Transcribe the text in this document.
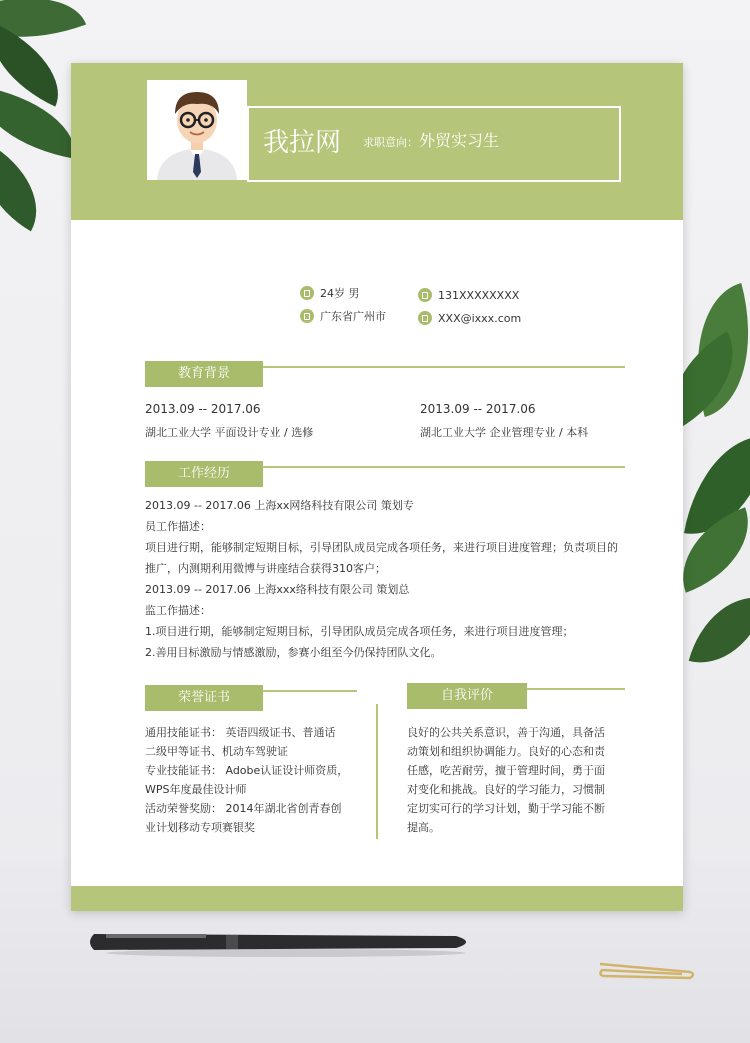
我拉网 求职意向： 外贸实习生
24岁 男
广东省广州市
131XXXXXXXX
XXX@ixxx.com
教育背景
2013.09 -- 2017.06
湖北工业大学 平面设计专业 / 选修
2013.09 -- 2017.06
湖北工业大学 企业管理专业 / 本科
工作经历
2013.09 -- 2017.06 上海xx网络科技有限公司 策划专
员工作描述：
项目进行期，能够制定短期目标，引导团队成员完成各项任务，来进行项目进度管理；负责项目的
推广，内测期利用微博与讲座结合获得310客户；
2013.09 -- 2017.06 上海xxx络科技有限公司 策划总
监工作描述：
1.项目进行期，能够制定短期目标，引导团队成员完成各项任务，来进行项目进度管理；
2.善用目标激励与情感激励，参赛小组至今仍保持团队文化。
荣誉证书
通用技能证书： 英语四级证书、普通话
二级甲等证书、机动车驾驶证
专业技能证书： Adobe认证设计师资质，
WPS年度最佳设计师
活动荣誉奖励： 2014年湖北省创青春创
业计划移动专项赛银奖
自我评价
良好的公共关系意识，善于沟通，具备活
动策划和组织协调能力。良好的心态和责
任感，吃苦耐劳，擅于管理时间，勇于面
对变化和挑战。良好的学习能力，习惯制
定切实可行的学习计划，勤于学习能不断
提高。
